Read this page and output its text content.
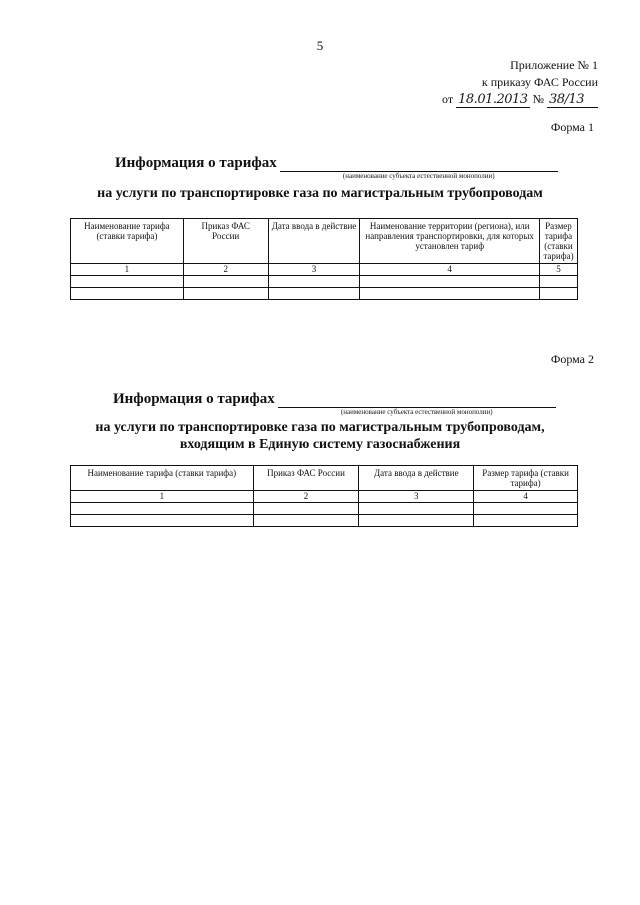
5
Приложение № 1
к приказу ФАС России
от 18.01.2013 № 38/13
Форма 1
Информация о тарифах
(наименование субъекта естественной монополии)
на услуги по транспортировке газа по магистральным трубопроводам
Наименование тарифа (ставки тарифа)	Приказ ФАС России	Дата ввода в действие	Наименование территории (региона), или направления транспортировки, для которых установлен тариф	Размер тарифа (ставки тарифа)
1	2	3	4	5

Форма 2
Информация о тарифах
(наименование субъекта естественной монополии)
на услуги по транспортировке газа по магистральным трубопроводам,
входящим в Единую систему газоснабжения
Наименование тарифа (ставки тарифа)	Приказ ФАС России	Дата ввода в действие	Размер тарифа (ставки тарифа)
1	2	3	4
